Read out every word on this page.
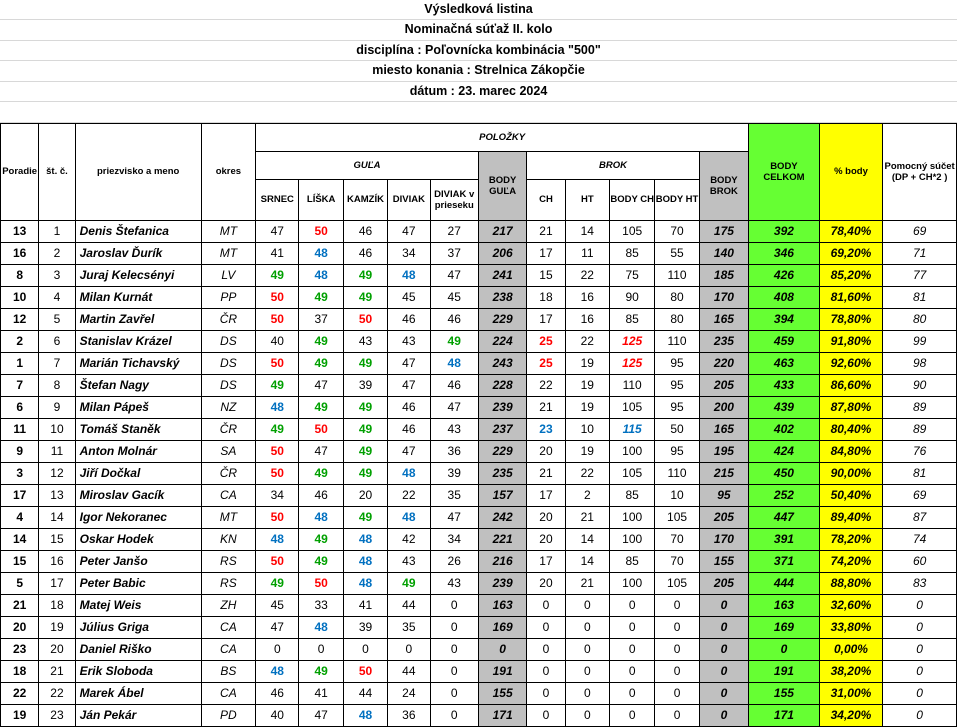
Výsledková listina
Nominačná súťaž II. kolo
disciplína : Poľovnícka kombinácia "500"
miesto konania : Strelnica Zákopčie
dátum : 23. marec 2024
Poradie	št. č.	priezvisko a meno	okres	POLOŽKY											BODY CELKOM	% body	Pomocný súčet (DP + CH*2 )
				GUĽA					BODY GUĽA	BROK				BODY BROK			
				SRNEC	LÍŠKA	KAMZÍK	DIVIAK	DIVIAK v prieseku		CH	HT	BODY CH	BODY HT				
13	1	Denis Štefanica	MT	47	50	46	47	27	217	21	14	105	70	175	392	78,40%	69
16	2	Jaroslav Ďurík	MT	41	48	46	34	37	206	17	11	85	55	140	346	69,20%	71
8	3	Juraj Kelecsényi	LV	49	48	49	48	47	241	15	22	75	110	185	426	85,20%	77
10	4	Milan Kurnát	PP	50	49	49	45	45	238	18	16	90	80	170	408	81,60%	81
12	5	Martin Zavřel	ČR	50	37	50	46	46	229	17	16	85	80	165	394	78,80%	80
2	6	Stanislav Krázel	DS	40	49	43	43	49	224	25	22	125	110	235	459	91,80%	99
1	7	Marián Tichavský	DS	50	49	49	47	48	243	25	19	125	95	220	463	92,60%	98
7	8	Štefan Nagy	DS	49	47	39	47	46	228	22	19	110	95	205	433	86,60%	90
6	9	Milan Pápeš	NZ	48	49	49	46	47	239	21	19	105	95	200	439	87,80%	89
11	10	Tomáš Staněk	ČR	49	50	49	46	43	237	23	10	115	50	165	402	80,40%	89
9	11	Anton Molnár	SA	50	47	49	47	36	229	20	19	100	95	195	424	84,80%	76
3	12	Jiří Dočkal	ČR	50	49	49	48	39	235	21	22	105	110	215	450	90,00%	81
17	13	Miroslav Gacík	CA	34	46	20	22	35	157	17	2	85	10	95	252	50,40%	69
4	14	Igor Nekoranec	MT	50	48	49	48	47	242	20	21	100	105	205	447	89,40%	87
14	15	Oskar Hodek	KN	48	49	48	42	34	221	20	14	100	70	170	391	78,20%	74
15	16	Peter Janšo	RS	50	49	48	43	26	216	17	14	85	70	155	371	74,20%	60
5	17	Peter Babic	RS	49	50	48	49	43	239	20	21	100	105	205	444	88,80%	83
21	18	Matej Weis	ZH	45	33	41	44	0	163	0	0	0	0	0	163	32,60%	0
20	19	Július Griga	CA	47	48	39	35	0	169	0	0	0	0	0	169	33,80%	0
23	20	Daniel Riško	CA	0	0	0	0	0	0	0	0	0	0	0	0	0,00%	0
18	21	Erik Sloboda	BS	48	49	50	44	0	191	0	0	0	0	0	191	38,20%	0
22	22	Marek Ábel	CA	46	41	44	24	0	155	0	0	0	0	0	155	31,00%	0
19	23	Ján Pekár	PD	40	47	48	36	0	171	0	0	0	0	0	171	34,20%	0
